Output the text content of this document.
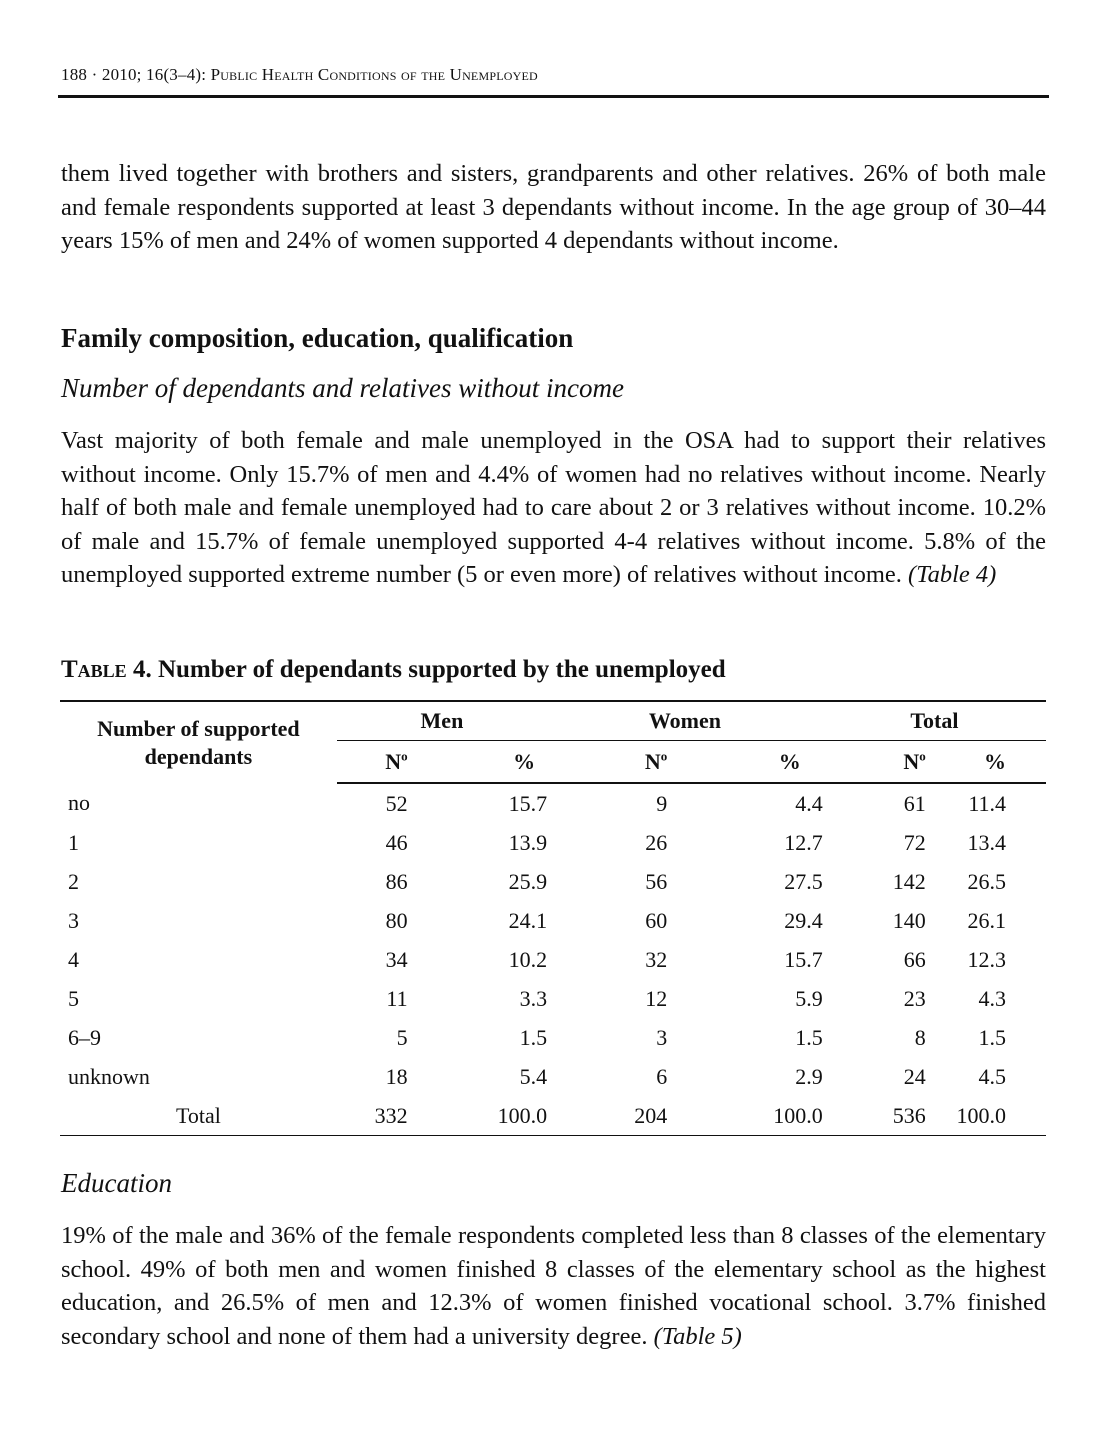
188 · 2010; 16(3–4): Public Health Conditions of the Unemployed

them lived together with brothers and sisters, grandparents and other relatives. 26% of both male and female respondents supported at least 3 dependants without income. In the age group of 30–44 years 15% of men and 24% of women supported 4 dependants without income.

Family composition, education, qualification
Number of dependants and relatives without income

Vast majority of both female and male unemployed in the OSA had to support their relatives without income. Only 15.7% of men and 4.4% of women had no relatives without income. Nearly half of both male and female unemployed had to care about 2 or 3 relatives without income. 10.2% of male and 15.7% of female unemployed supported 4-4 relatives without income. 5.8% of the unemployed supported extreme number (5 or even more) of relatives without income. (Table 4)

Table 4. Number of dependants supported by the unemployed
Number of supported dependants	Men		Women		Total	
	$N^o$	%	$N^o$	%	$N^o$	%
no	52	15.7	9	4.4	61	11.4
1	46	13.9	26	12.7	72	13.4
2	86	25.9	56	27.5	142	26.5
3	80	24.1	60	29.4	140	26.1
4	34	10.2	32	15.7	66	12.3
5	11	3.3	12	5.9	23	4.3
6–9	5	1.5	3	1.5	8	1.5
unknown	18	5.4	6	2.9	24	4.5
Total	332	100.0	204	100.0	536	100.0
Education

19% of the male and 36% of the female respondents completed less than 8 classes of the elementary school. 49% of both men and women finished 8 classes of the elementary school as the highest education, and 26.5% of men and 12.3% of women finished vocational school. 3.7% finished secondary school and none of them had a university degree. (Table 5)
